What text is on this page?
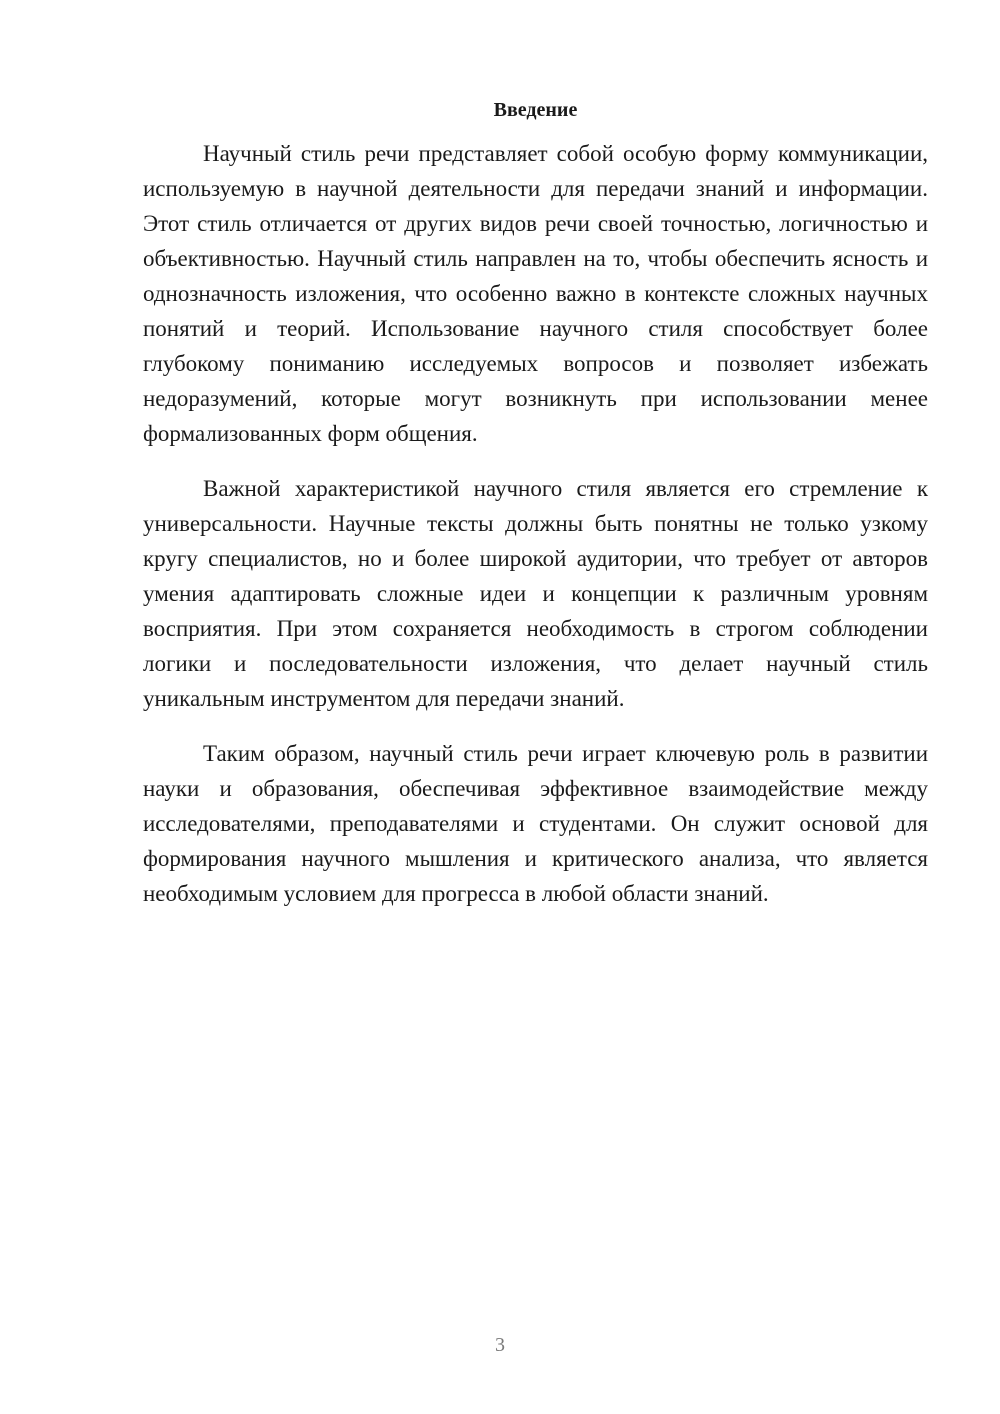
Введение

Научный стиль речи представляет собой особую форму коммуникации, используемую в научной деятельности для передачи знаний и информации. Этот стиль отличается от других видов речи своей точностью, логичностью и объективностью. Научный стиль направлен на то, чтобы обеспечить ясность и однозначность изложения, что особенно важно в контексте сложных научных понятий и теорий. Использование научного стиля способствует более глубокому пониманию исследуемых вопросов и позволяет избежать недоразумений, которые могут возникнуть при использовании менее формализованных форм общения.

Важной характеристикой научного стиля является его стремление к универсальности. Научные тексты должны быть понятны не только узкому кругу специалистов, но и более широкой аудитории, что требует от авторов умения адаптировать сложные идеи и концепции к различным уровням восприятия. При этом сохраняется необходимость в строгом соблюдении логики и последовательности изложения, что делает научный стиль уникальным инструментом для передачи знаний.

Таким образом, научный стиль речи играет ключевую роль в развитии науки и образования, обеспечивая эффективное взаимодействие между исследователями, преподавателями и студентами. Он служит основой для формирования научного мышления и критического анализа, что является необходимым условием для прогресса в любой области знаний.

3
